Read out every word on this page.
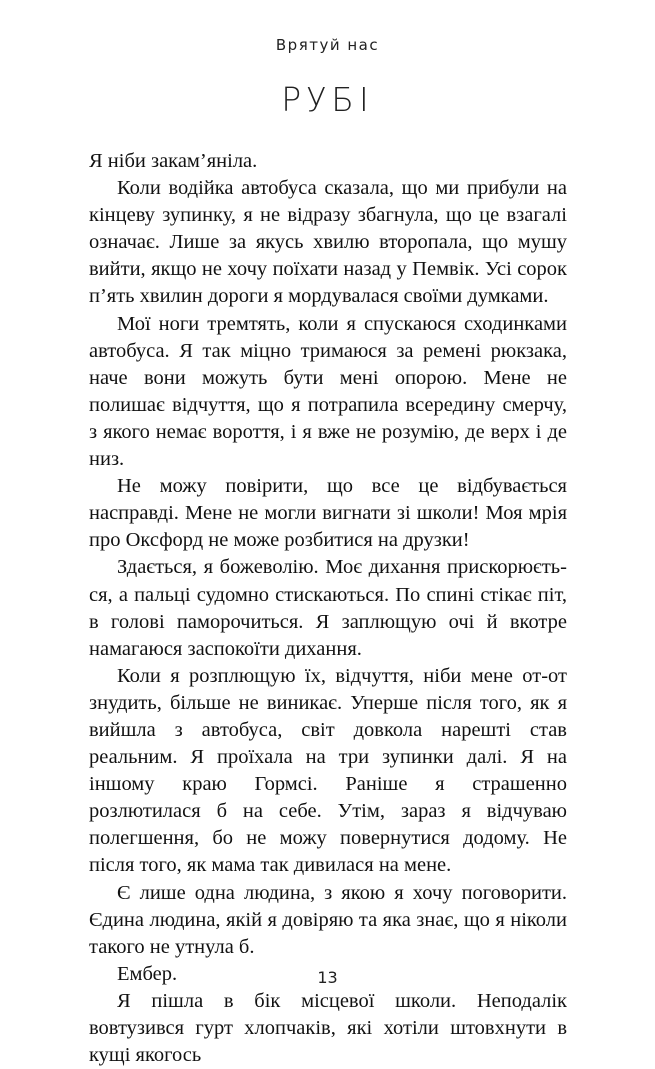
Врятуй нас
РУБІ

Я ніби закам’яніла.

Коли водійка автобуса сказала, що ми прибули на кінцеву зупинку, я не відразу збагнула, що це взагалі означає. Лише за якусь хвилю второпала, що мушу вийти, якщо не хочу поїхати назад у Пемвік. Усі сорок п’ять хвилин дороги я мордувалася своїми думками.

Мої ноги тремтять, коли я спускаюся сходинками автобуса. Я так міцно тримаюся за ремені рюкзака, наче вони можуть бути мені опорою. Мене не полишає відчуття, що я потрапила всередину смерчу, з якого немає вороття, і я вже не розумію, де верх і де низ.

Не можу повірити, що все це відбувається насправді. Мене не могли вигнати зі школи! Моя мрія про Оксфорд не може розбитися на друзки!

Здається, я божеволію. Моє дихання прискорюється, а пальці судомно стискаються. По спині стікає піт, в голові паморочиться. Я заплющую очі й вкотре намагаюся заспокоїти дихання.

Коли я розплющую їх, відчуття, ніби мене от-от знудить, більше не виникає. Уперше після того, як я вийшла з автобуса, світ довкола нарешті став реальним. Я проїхала на три зупинки далі. Я на іншому краю Гормсі. Раніше я страшенно розлютилася б на себе. Утім, зараз я відчуваю полегшення, бо не можу повернутися додому. Не після того, як мама так дивилася на мене.

Є лише одна людина, з якою я хочу поговорити. Єдина людина, якій я довіряю та яка знає, що я ніколи такого не утнула б.

Ембер.

Я пішла в бік місцевої школи. Неподалік вовтузився гурт хлопчаків, які хотіли штовхнути в кущі якогось

13
